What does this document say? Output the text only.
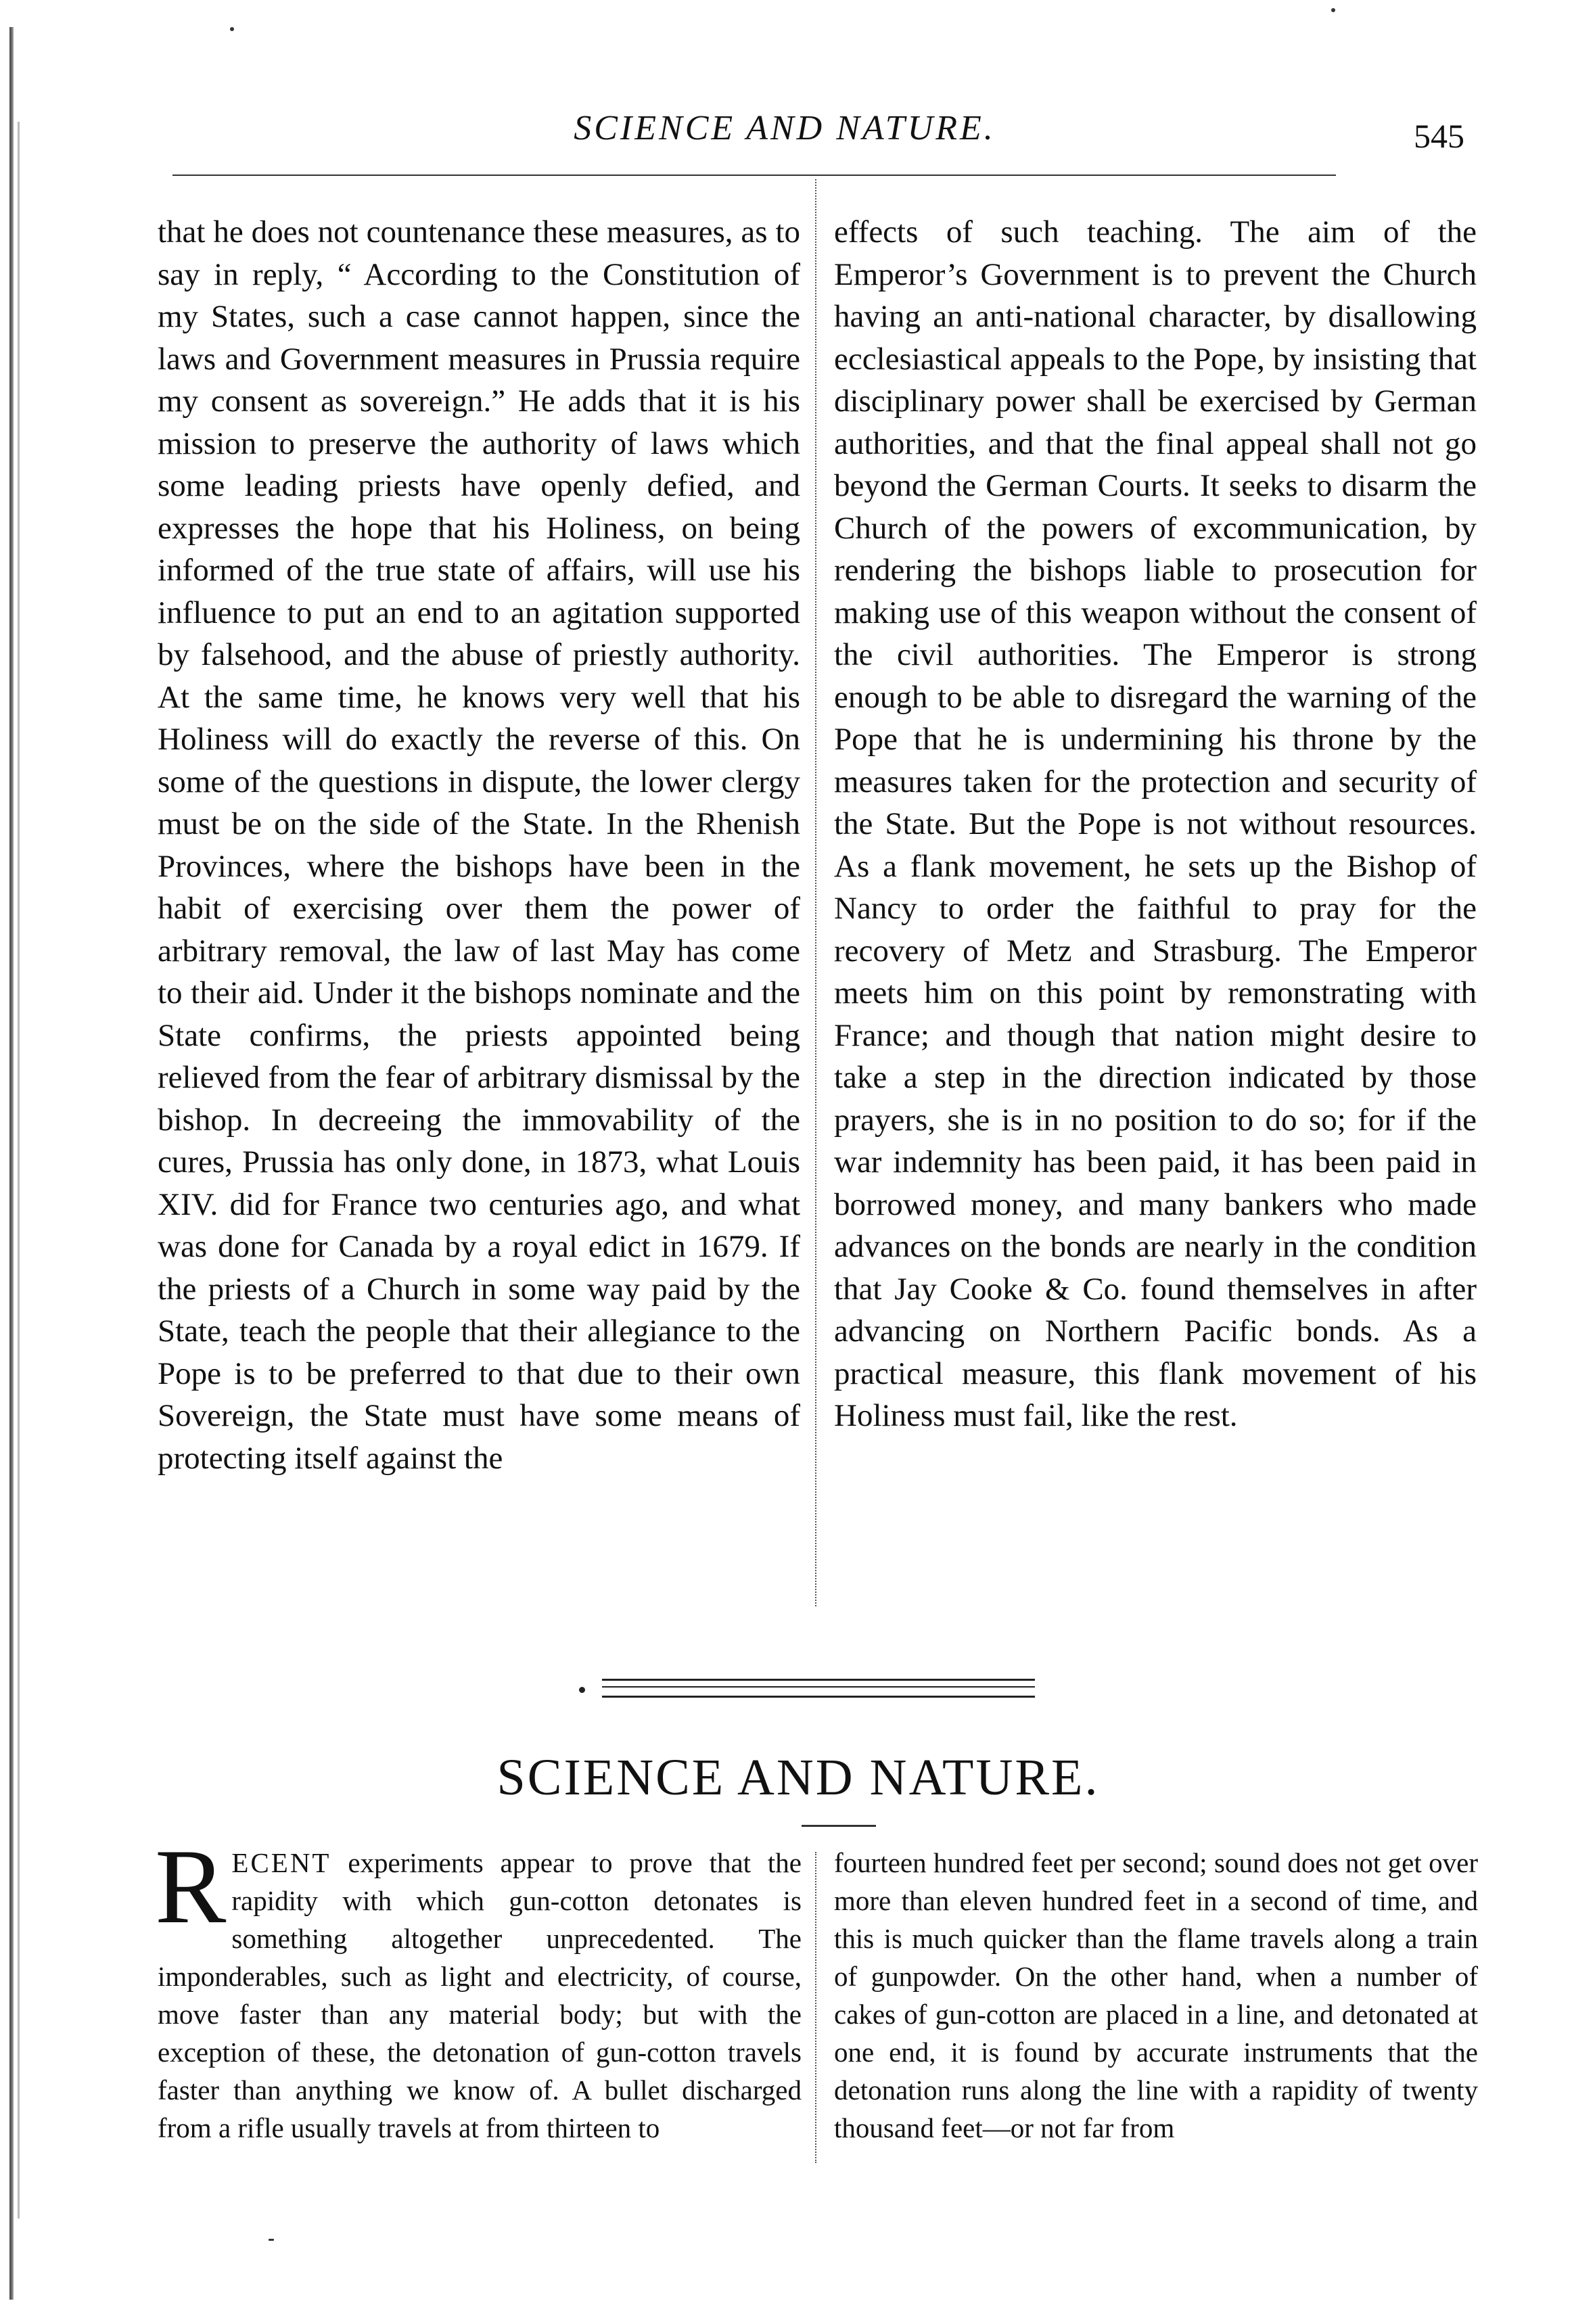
SCIENCE AND NATURE.	545

that he does not countenance these measures, as to say in reply, “ According to the Constitution of my States, such a case cannot happen, since the laws and Government measures in Prussia require my consent as sovereign.” He adds that it is his mission to preserve the authority of laws which some leading priests have openly defied, and expresses the hope that his Holiness, on being informed of the true state of affairs, will use his influence to put an end to an agitation supported by falsehood, and the abuse of priestly authority. At the same time, he knows very well that his Holiness will do exactly the reverse of this. On some of the questions in dispute, the lower clergy must be on the side of the State. In the Rhenish Provinces, where the bishops have been in the habit of exercising over them the power of arbitrary removal, the law of last May has come to their aid. Under it the bishops nominate and the State confirms, the priests appointed being relieved from the fear of arbitrary dismissal by the bishop. In decreeing the immovability of the cures, Prussia has only done, in 1873, what Louis XIV. did for France two centuries ago, and what was done for Canada by a royal edict in 1679. If the priests of a Church in some way paid by the State, teach the people that their allegiance to the Pope is to be preferred to that due to their own Sovereign, the State must have some means of protecting itself against the

effects of such teaching. The aim of the Emperor’s Government is to prevent the Church having an anti-national character, by disallowing ecclesiastical appeals to the Pope, by insisting that disciplinary power shall be exercised by German authorities, and that the final appeal shall not go beyond the German Courts. It seeks to disarm the Church of the powers of excommunication, by rendering the bishops liable to prosecution for making use of this weapon without the consent of the civil authorities. The Emperor is strong enough to be able to disregard the warning of the Pope that he is undermining his throne by the measures taken for the protection and security of the State. But the Pope is not without resources. As a flank movement, he sets up the Bishop of Nancy to order the faithful to pray for the recovery of Metz and Strasburg. The Emperor meets him on this point by remonstrating with France; and though that nation might desire to take a step in the direction indicated by those prayers, she is in no position to do so; for if the war indemnity has been paid, it has been paid in borrowed money, and many bankers who made advances on the bonds are nearly in the condition that Jay Cooke & Co. found themselves in after advancing on Northern Pacific bonds. As a practical measure, this flank movement of his Holiness must fail, like the rest.

SCIENCE AND NATURE.

RECENT experiments appear to prove that the rapidity with which gun-cotton detonates is something altogether unprecedented. The imponderables, such as light and electricity, of course, move faster than any material body; but with the exception of these, the detonation of gun-cotton travels faster than anything we know of. A bullet discharged from a rifle usually travels at from thirteen to

fourteen hundred feet per second; sound does not get over more than eleven hundred feet in a second of time, and this is much quicker than the flame travels along a train of gunpowder. On the other hand, when a number of cakes of gun-cotton are placed in a line, and detonated at one end, it is found by accurate instruments that the detonation runs along the line with a rapidity of twenty thousand feet—or not far from
